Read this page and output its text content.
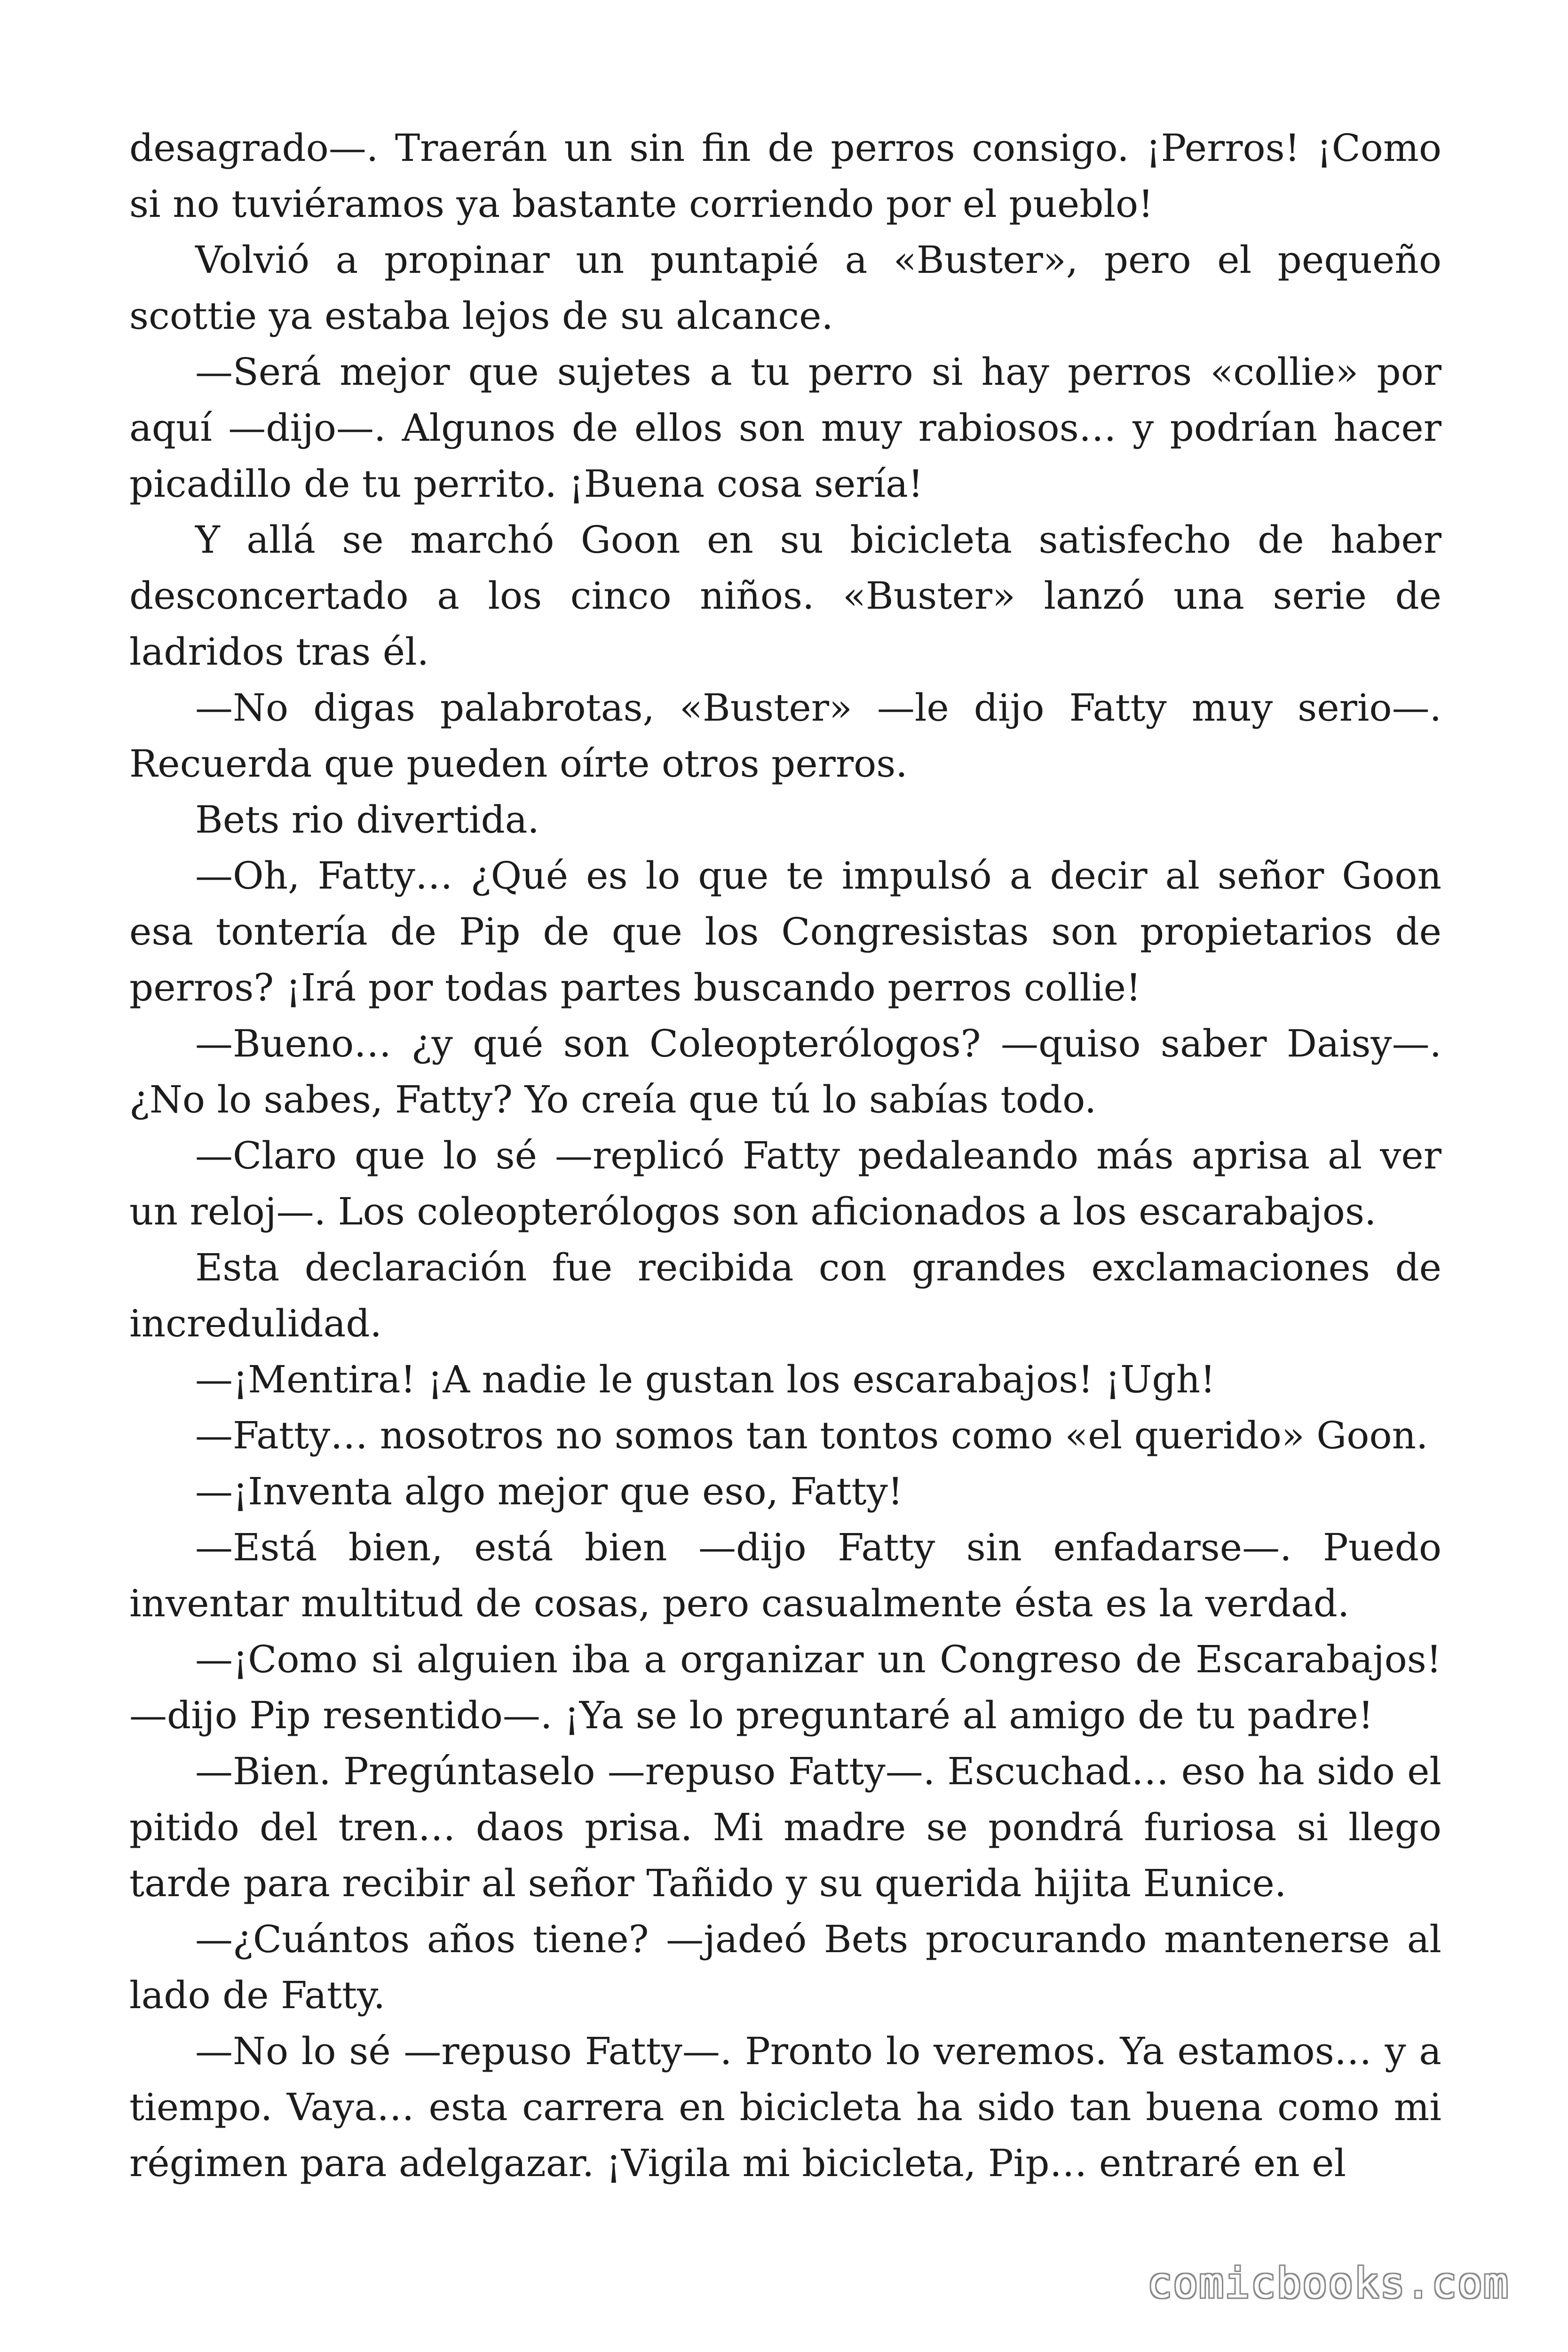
desagrado—. Traerán un sin fin de perros consigo. ¡Perros! ¡Como si no tuviéramos ya bastante corriendo por el pueblo!

Volvió a propinar un puntapié a «Buster», pero el pequeño scottie ya estaba lejos de su alcance.

—Será mejor que sujetes a tu perro si hay perros «collie» por aquí —dijo—. Algunos de ellos son muy rabiosos… y podrían hacer picadillo de tu perrito. ¡Buena cosa sería!

Y allá se marchó Goon en su bicicleta satisfecho de haber desconcertado a los cinco niños. «Buster» lanzó una serie de ladridos tras él.

—No digas palabrotas, «Buster» —le dijo Fatty muy serio—. Recuerda que pueden oírte otros perros.

Bets rio divertida.

—Oh, Fatty… ¿Qué es lo que te impulsó a decir al señor Goon esa tontería de Pip de que los Congresistas son propietarios de perros? ¡Irá por todas partes buscando perros collie!

—Bueno… ¿y qué son Coleopterólogos? —quiso saber Daisy—. ¿No lo sabes, Fatty? Yo creía que tú lo sabías todo.

—Claro que lo sé —replicó Fatty pedaleando más aprisa al ver un reloj—. Los coleopterólogos son aficionados a los escarabajos.

Esta declaración fue recibida con grandes exclamaciones de incredulidad.

—¡Mentira! ¡A nadie le gustan los escarabajos! ¡Ugh!

—Fatty… nosotros no somos tan tontos como «el querido» Goon.

—¡Inventa algo mejor que eso, Fatty!

—Está bien, está bien —dijo Fatty sin enfadarse—. Puedo inventar multitud de cosas, pero casualmente ésta es la verdad.

—¡Como si alguien iba a organizar un Congreso de Escarabajos! —dijo Pip resentido—. ¡Ya se lo preguntaré al amigo de tu padre!

—Bien. Pregúntaselo —repuso Fatty—. Escuchad… eso ha sido el pitido del tren… daos prisa. Mi madre se pondrá furiosa si llego tarde para recibir al señor Tañido y su querida hijita Eunice.

—¿Cuántos años tiene? —jadeó Bets procurando mantenerse al lado de Fatty.

—No lo sé —repuso Fatty—. Pronto lo veremos. Ya estamos… y a tiempo. Vaya… esta carrera en bicicleta ha sido tan buena como mi régimen para adelgazar. ¡Vigila mi bicicleta, Pip… entraré en el

comicbooks.com
